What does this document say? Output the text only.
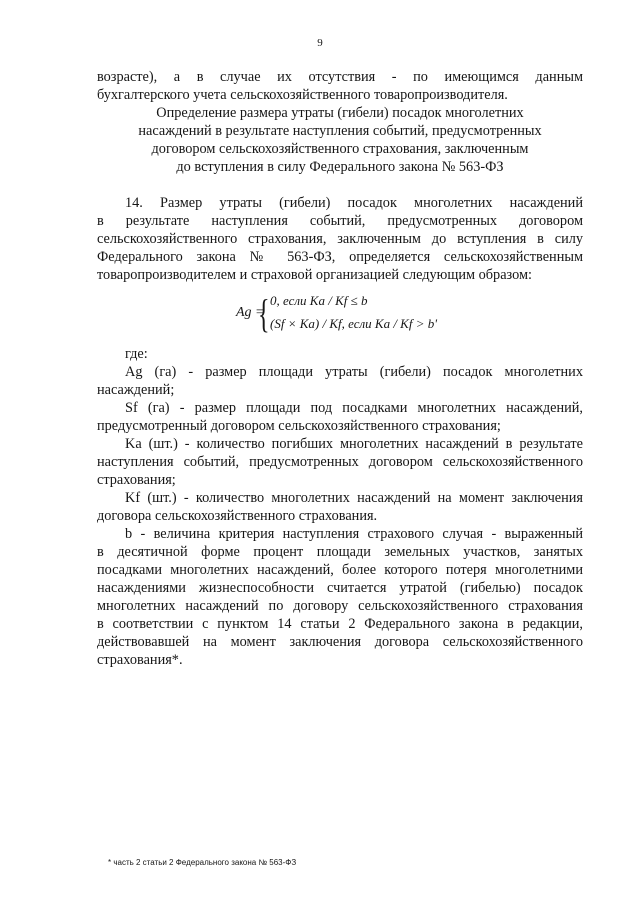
9
возрасте), а в случае их отсутствия - по имеющимся данным
бухгалтерского учета сельскохозяйственного товаропроизводителя.
Определение размера утраты (гибели) посадок многолетних
насаждений в результате наступления событий, предусмотренных
договором сельскохозяйственного страхования, заключенным
до вступления в силу Федерального закона № 563-ФЗ
14. Размер утраты (гибели) посадок многолетних насаждений
в результате наступления событий, предусмотренных договором
сельскохозяйственного страхования, заключенным до вступления в силу
Федерального закона № 563-ФЗ, определяется сельскохозяйственным
товаропроизводителем и страховой организацией следующим образом:
где:
Ag (га) - размер площади утраты (гибели) посадок многолетних
насаждений;
Sf (га) - размер площади под посадками многолетних насаждений,
предусмотренный договором сельскохозяйственного страхования;
Ka (шт.) - количество погибших многолетних насаждений в результате
наступления событий, предусмотренных договором сельскохозяйственного
страхования;
Kf (шт.) - количество многолетних насаждений на момент заключения
договора сельскохозяйственного страхования.
b - величина критерия наступления страхового случая - выраженный
в десятичной форме процент площади земельных участков, занятых
посадками многолетних насаждений, более которого потеря многолетними
насаждениями жизнеспособности считается утратой (гибелью) посадок
многолетних насаждений по договору сельскохозяйственного страхования
в соответствии с пунктом 14 статьи 2 Федерального закона в редакции,
действовавшей на момент заключения договора сельскохозяйственного
страхования*.
Ag =
{ 0, если Ka / Kf ≤ b
(Sf × Ka) / Kf, если Ka / Kf > b'
* часть 2 статьи 2 Федерального закона № 563-ФЗ
